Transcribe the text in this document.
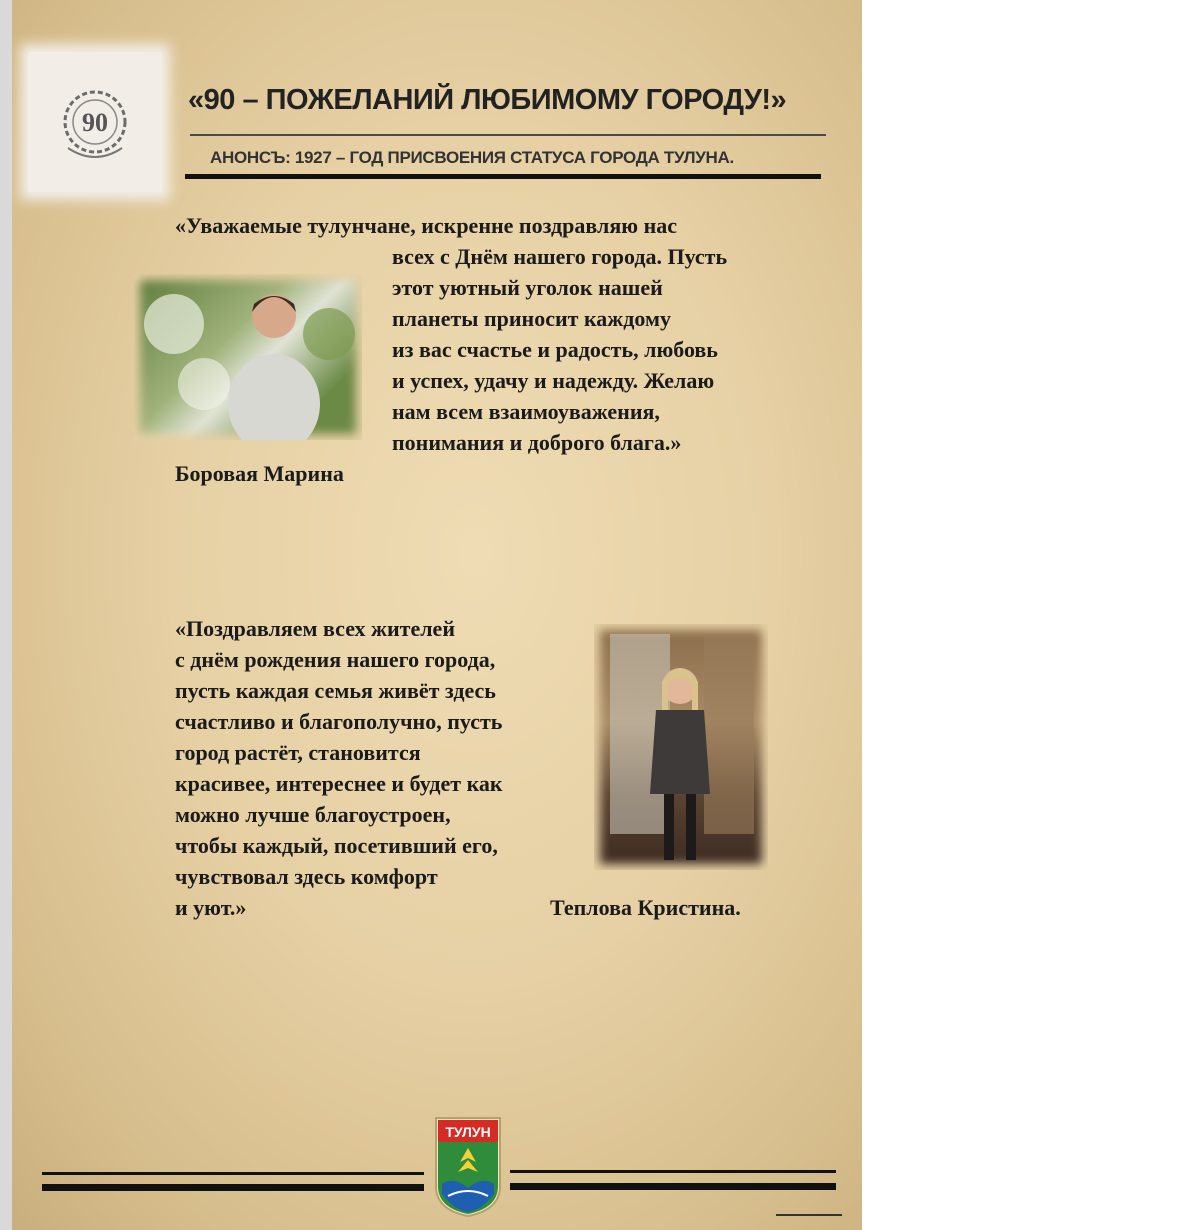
90
«90 – ПОЖЕЛАНИЙ ЛЮБИМОМУ ГОРОДУ!»
АНОНСЪ: 1927 – ГОД ПРИСВОЕНИЯ СТАТУСА ГОРОДА ТУЛУНА.
«Уважаемые тулунчане, искренне поздравляю нас
всех с Днём нашего города. Пусть
этот уютный уголок нашей
планеты приносит каждому
из вас счастье и радость, любовь
и успех, удачу и надежду. Желаю
нам всем взаимоуважения,
понимания и доброго блага.»
Боровая Марина
«Поздравляем всех жителей
с днём рождения нашего города,
пусть каждая семья живёт здесь
счастливо и благополучно, пусть
город растёт, становится
красивее, интереснее и будет как
можно лучше благоустроен,
чтобы каждый, посетивший его,
чувствовал здесь комфорт
и уют.»	Теплова Кристина.
ТУЛУН
